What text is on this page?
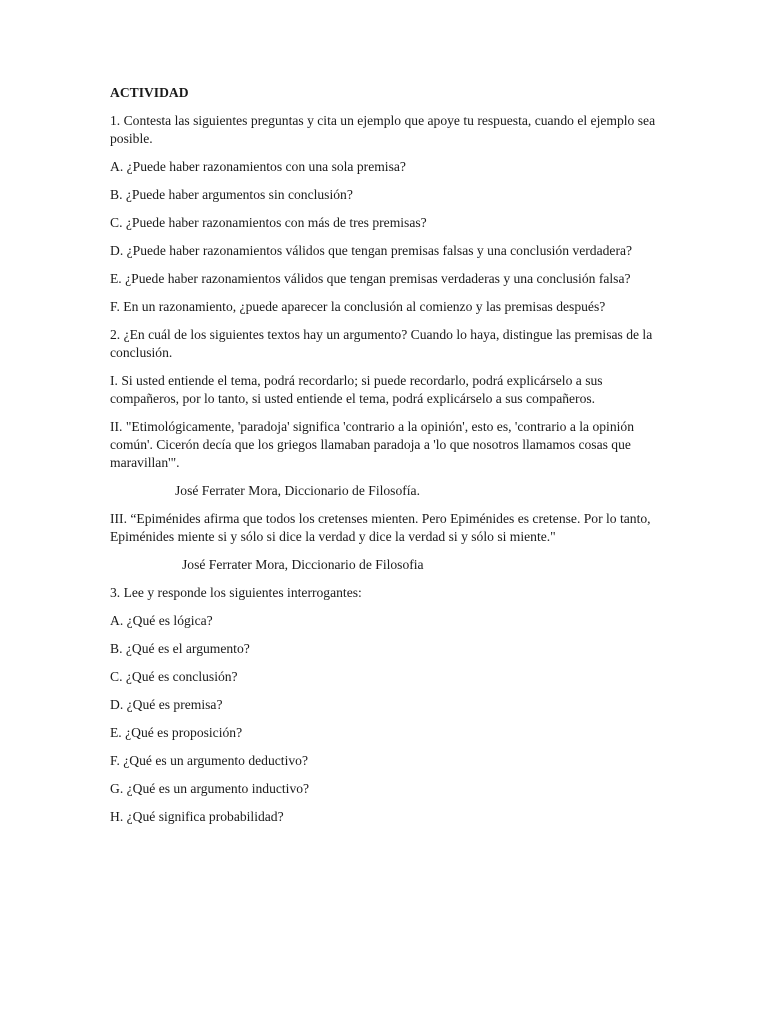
ACTIVIDAD
1. Contesta las siguientes preguntas y cita un ejemplo que apoye tu respuesta, cuando el ejemplo sea posible.
A. ¿Puede haber razonamientos con una sola premisa?
B. ¿Puede haber argumentos sin conclusión?
C. ¿Puede haber razonamientos con más de tres premisas?
D. ¿Puede haber razonamientos válidos que tengan premisas falsas y una conclusión verdadera?
E. ¿Puede haber razonamientos válidos que tengan premisas verdaderas y una conclusión falsa?
F. En un razonamiento, ¿puede aparecer la conclusión al comienzo y las premisas después?
2. ¿En cuál de los siguientes textos hay un argumento? Cuando lo haya, distingue las premisas de la conclusión.
I. Si usted entiende el tema, podrá recordarlo; si puede recordarlo, podrá explicárselo a sus compañeros, por lo tanto, si usted entiende el tema, podrá explicárselo a sus compañeros.
II. "Etimológicamente, 'paradoja' significa 'contrario a la opinión', esto es, 'contrario a la opinión común'. Cicerón decía que los griegos llamaban paradoja a 'lo que nosotros llamamos cosas que maravillan'".
José Ferrater Mora, Diccionario de Filosofía.
III. “Epiménides afirma que todos los cretenses mienten. Pero Epiménides es cretense. Por lo tanto, Epiménides miente si y sólo si dice la verdad y dice la verdad si y sólo si miente."
José Ferrater Mora, Diccionario de Filosofia
3. Lee y responde los siguientes interrogantes:
A. ¿Qué es lógica?
B. ¿Qué es el argumento?
C. ¿Qué es conclusión?
D. ¿Qué es premisa?
E. ¿Qué es proposición?
F. ¿Qué es un argumento deductivo?
G. ¿Qué es un argumento inductivo?
H. ¿Qué significa probabilidad?
